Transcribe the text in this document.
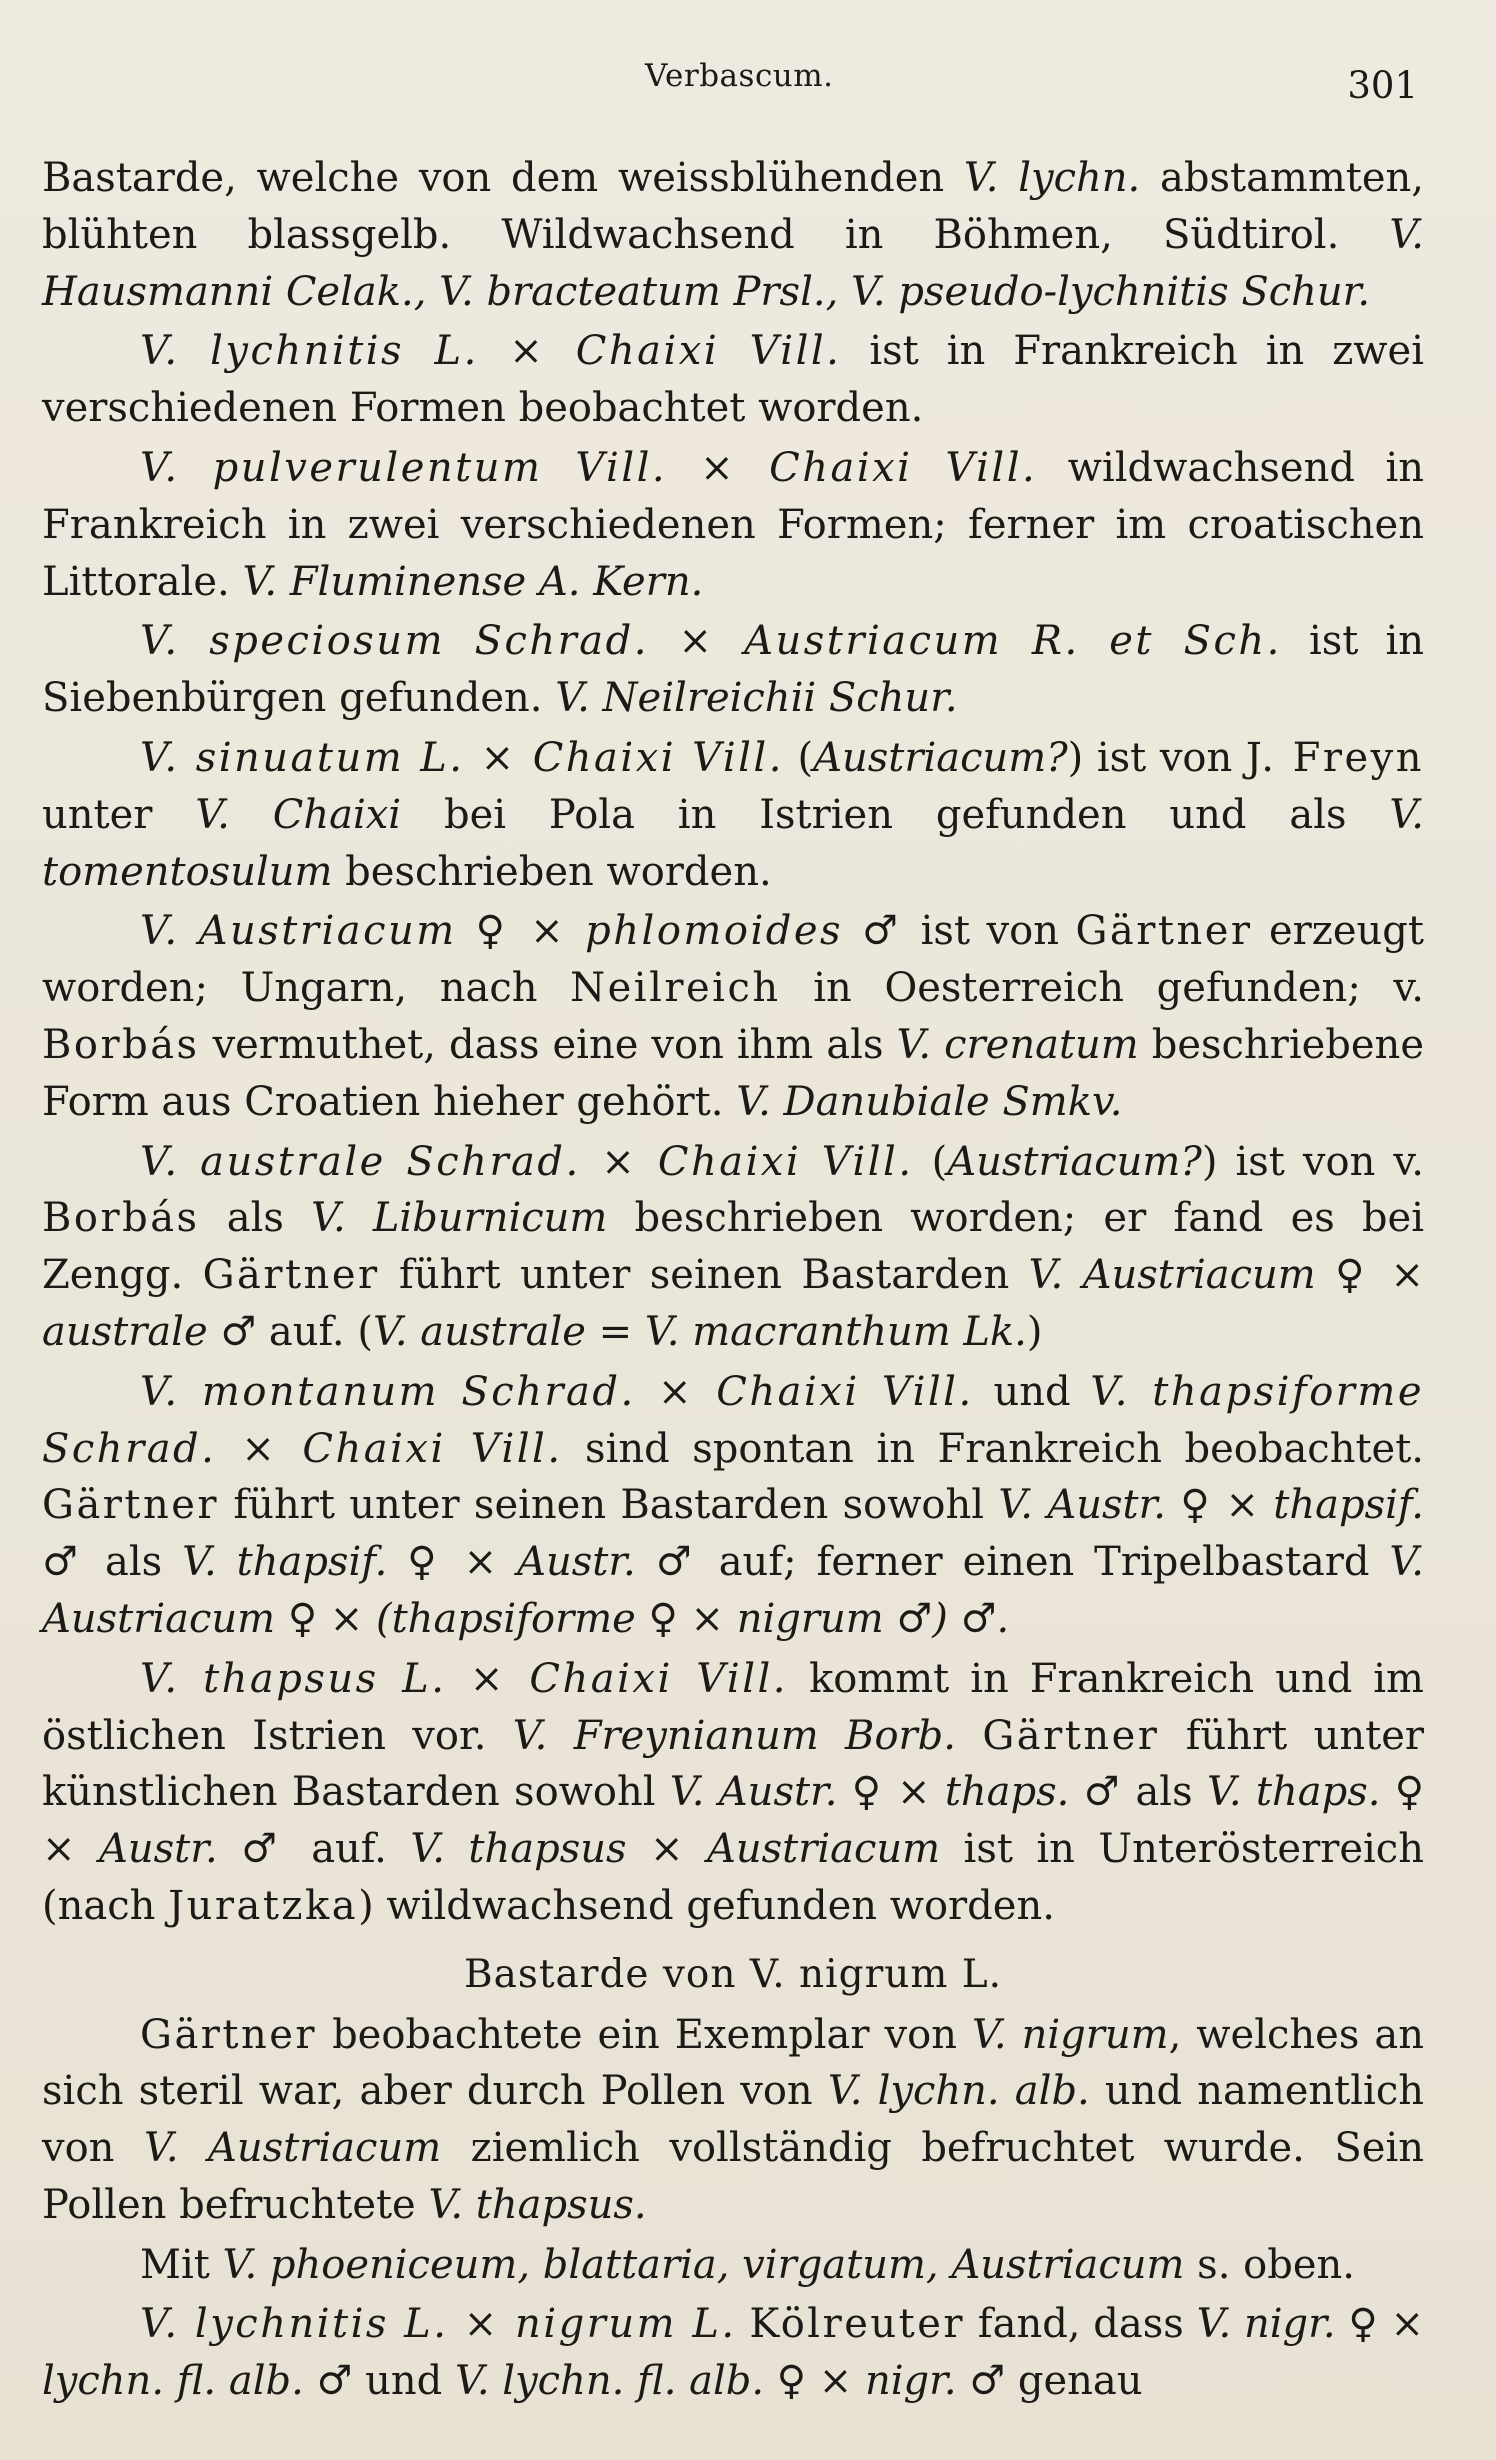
Verbascum.	301

Bastarde, welche von dem weissblühenden V. lychn. abstammten, blühten blassgelb. Wildwachsend in Böhmen, Südtirol. V. Hausmanni Celak., V. bracteatum Prsl., V. pseudo-lychnitis Schur.

V. lychnitis L. × Chaixi Vill. ist in Frankreich in zwei verschiedenen Formen beobachtet worden.

V. pulverulentum Vill. × Chaixi Vill. wildwachsend in Frankreich in zwei verschiedenen Formen; ferner im croatischen Littorale. V. Fluminense A. Kern.

V. speciosum Schrad. × Austriacum R. et Sch. ist in Siebenbürgen gefunden. V. Neilreichii Schur.

V. sinuatum L. × Chaixi Vill. (Austriacum?) ist von J. Freyn unter V. Chaixi bei Pola in Istrien gefunden und als V. tomentosulum beschrieben worden.

V. Austriacum ♀ × phlomoides ♂ ist von Gärtner erzeugt worden; Ungarn, nach Neilreich in Oesterreich gefunden; v. Borbás vermuthet, dass eine von ihm als V. crenatum beschriebene Form aus Croatien hieher gehört. V. Danubiale Smkv.

V. australe Schrad. × Chaixi Vill. (Austriacum?) ist von v. Borbás als V. Liburnicum beschrieben worden; er fand es bei Zengg. Gärtner führt unter seinen Bastarden V. Austriacum ♀ × australe ♂ auf. (V. australe = V. macranthum Lk.)

V. montanum Schrad. × Chaixi Vill. und V. thapsiforme Schrad. × Chaixi Vill. sind spontan in Frankreich beobachtet. Gärtner führt unter seinen Bastarden sowohl V. Austr. ♀ × thapsif. ♂ als V. thapsif. ♀ × Austr. ♂ auf; ferner einen Tripelbastard V. Austriacum ♀ × (thapsiforme ♀ × nigrum ♂) ♂.

V. thapsus L. × Chaixi Vill. kommt in Frankreich und im östlichen Istrien vor. V. Freynianum Borb. Gärtner führt unter künstlichen Bastarden sowohl V. Austr. ♀ × thaps. ♂ als V. thaps. ♀ × Austr. ♂ auf. V. thapsus × Austriacum ist in Unterösterreich (nach Juratzka) wildwachsend gefunden worden.

Bastarde von V. nigrum L.

Gärtner beobachtete ein Exemplar von V. nigrum, welches an sich steril war, aber durch Pollen von V. lychn. alb. und namentlich von V. Austriacum ziemlich vollständig befruchtet wurde. Sein Pollen befruchtete V. thapsus.

Mit V. phoeniceum, blattaria, virgatum, Austriacum s. oben.

V. lychnitis L. × nigrum L. Kölreuter fand, dass V. nigr. ♀ × lychn. fl. alb. ♂ und V. lychn. fl. alb. ♀ × nigr. ♂ genau
